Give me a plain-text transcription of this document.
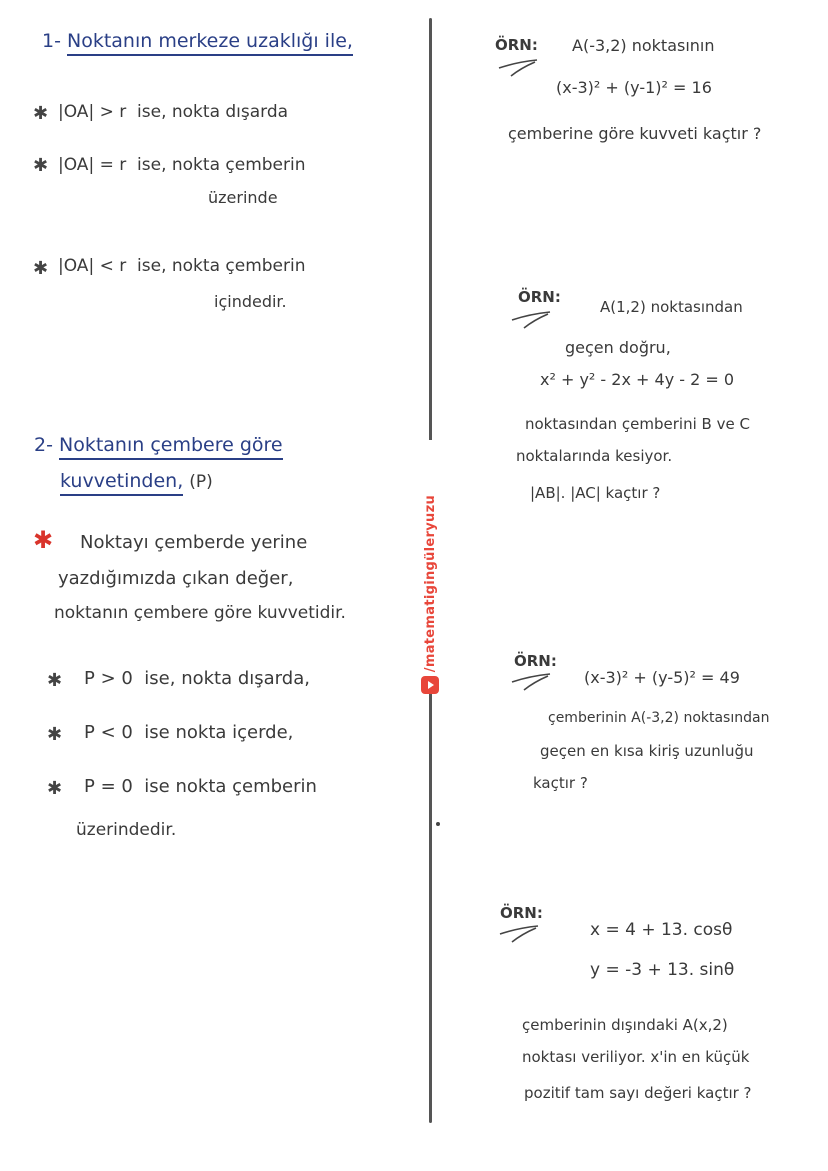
/matematigingüleryuzu
1- Noktanın merkeze uzaklığı ile,
✱ |OA| > r ise, nokta dışarda
✱ |OA| = r ise, nokta çemberin
üzerinde
✱ |OA| < r ise, nokta çemberin
içindedir.
2- Noktanın çembere göre
kuvvetinden, (P)
✱ Noktayı çemberde yerine
yazdığımızda çıkan değer,
noktanın çembere göre kuvvetidir.
✱ P > 0 ise, nokta dışarda,
✱ P < 0 ise nokta içerde,
✱ P = 0 ise nokta çemberin
üzerindedir.
ÖRN: A(-3,2) noktasının
(x-3)² + (y-1)² = 16
çemberine göre kuvveti kaçtır ?
ÖRN:
A(1,2) noktasından
geçen doğru,
x² + y² - 2x + 4y - 2 = 0
noktasından çemberini B ve C
noktalarında kesiyor.
|AB|. |AC| kaçtır ?
ÖRN:
(x-3)² + (y-5)² = 49
çemberinin A(-3,2) noktasından
geçen en kısa kiriş uzunluğu
kaçtır ?
ÖRN:
x = 4 + 13. cosθ
y = -3 + 13. sinθ
çemberinin dışındaki A(x,2)
noktası veriliyor. x'in en küçük
pozitif tam sayı değeri kaçtır ?
